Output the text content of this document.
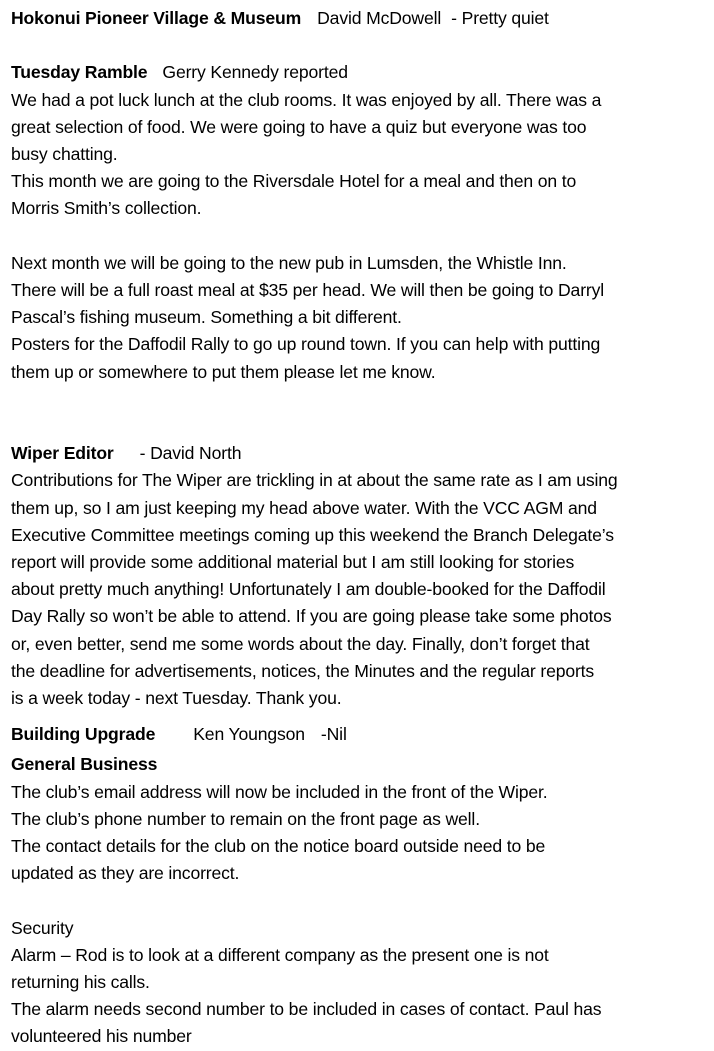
Hokonui Pioneer Village & Museum David McDowell - Pretty quiet
Tuesday Ramble Gerry Kennedy reported
We had a pot luck lunch at the club rooms. It was enjoyed by all. There was a
great selection of food. We were going to have a quiz but everyone was too
busy chatting.
This month we are going to the Riversdale Hotel for a meal and then on to
Morris Smith’s collection.
Next month we will be going to the new pub in Lumsden, the Whistle Inn.
There will be a full roast meal at $35 per head. We will then be going to Darryl
Pascal’s fishing museum. Something a bit different.
Posters for the Daffodil Rally to go up round town. If you can help with putting
them up or somewhere to put them please let me know.
Wiper Editor - David North
Contributions for The Wiper are trickling in at about the same rate as I am using
them up, so I am just keeping my head above water. With the VCC AGM and
Executive Committee meetings coming up this weekend the Branch Delegate’s
report will provide some additional material but I am still looking for stories
about pretty much anything! Unfortunately I am double-booked for the Daffodil
Day Rally so won’t be able to attend. If you are going please take some photos
or, even better, send me some words about the day. Finally, don’t forget that
the deadline for advertisements, notices, the Minutes and the regular reports
is a week today - next Tuesday. Thank you.
Building Upgrade Ken Youngson -Nil
General Business
The club’s email address will now be included in the front of the Wiper.
The club’s phone number to remain on the front page as well.
The contact details for the club on the notice board outside need to be
updated as they are incorrect.
Security
Alarm – Rod is to look at a different company as the present one is not
returning his calls.
The alarm needs second number to be included in cases of contact. Paul has
volunteered his number
